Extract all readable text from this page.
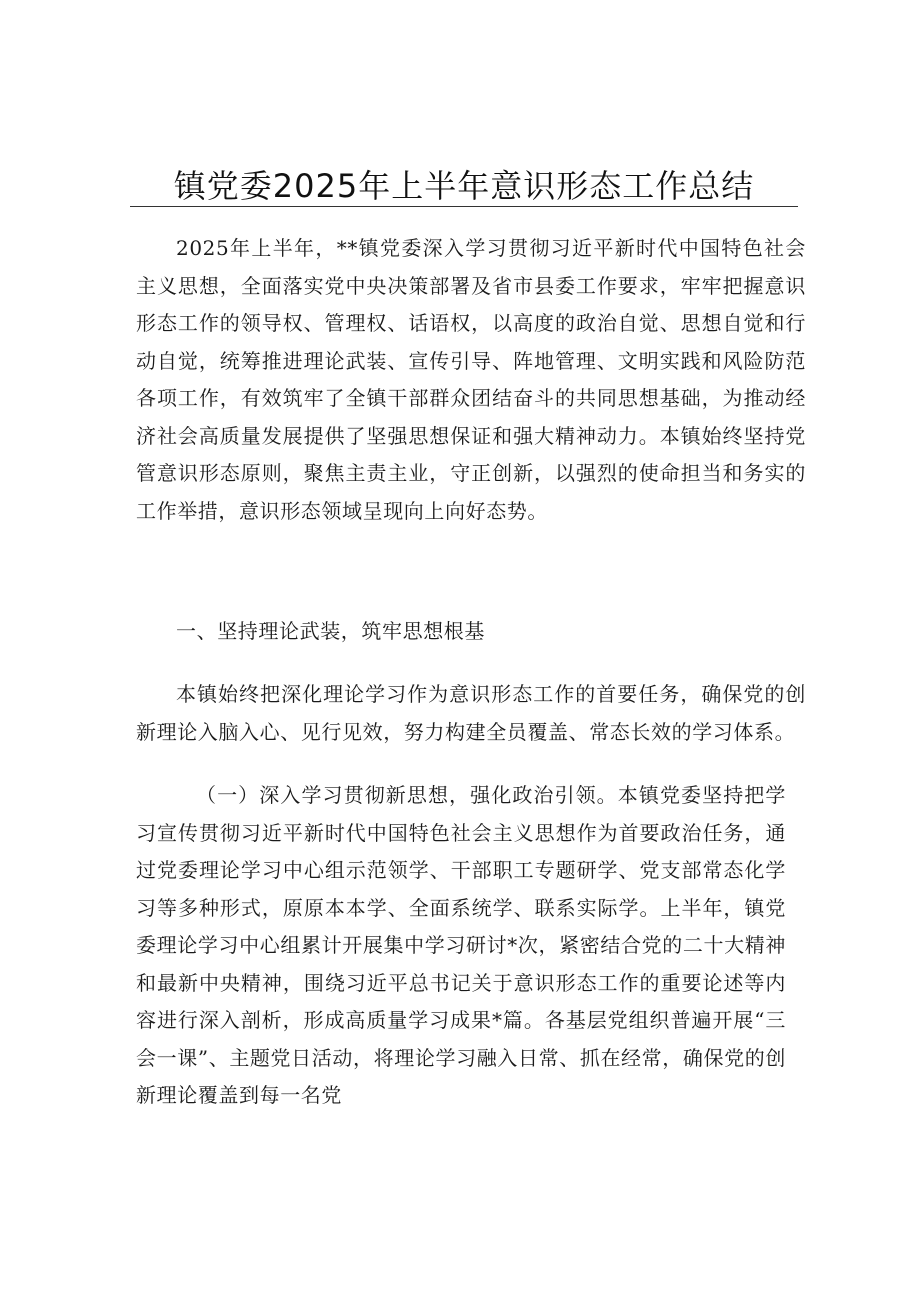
镇党委2025年上半年意识形态工作总结

2025年上半年，**镇党委深入学习贯彻习近平新时代中国特色社会主义思想，全面落实党中央决策部署及省市县委工作要求，牢牢把握意识形态工作的领导权、管理权、话语权，以高度的政治自觉、思想自觉和行动自觉，统筹推进理论武装、宣传引导、阵地管理、文明实践和风险防范各项工作，有效筑牢了全镇干部群众团结奋斗的共同思想基础，为推动经济社会高质量发展提供了坚强思想保证和强大精神动力。本镇始终坚持党管意识形态原则，聚焦主责主业，守正创新，以强烈的使命担当和务实的工作举措，意识形态领域呈现向上向好态势。

一、坚持理论武装，筑牢思想根基

本镇始终把深化理论学习作为意识形态工作的首要任务，确保党的创新理论入脑入心、见行见效，努力构建全员覆盖、常态长效的学习体系。

（一）深入学习贯彻新思想，强化政治引领。本镇党委坚持把学习宣传贯彻习近平新时代中国特色社会主义思想作为首要政治任务，通过党委理论学习中心组示范领学、干部职工专题研学、党支部常态化学习等多种形式，原原本本学、全面系统学、联系实际学。上半年，镇党委理论学习中心组累计开展集中学习研讨*次，紧密结合党的二十大精神和最新中央精神，围绕习近平总书记关于意识形态工作的重要论述等内容进行深入剖析，形成高质量学习成果*篇。各基层党组织普遍开展“三会一课”、主题党日活动，将理论学习融入日常、抓在经常，确保党的创新理论覆盖到每一名党
